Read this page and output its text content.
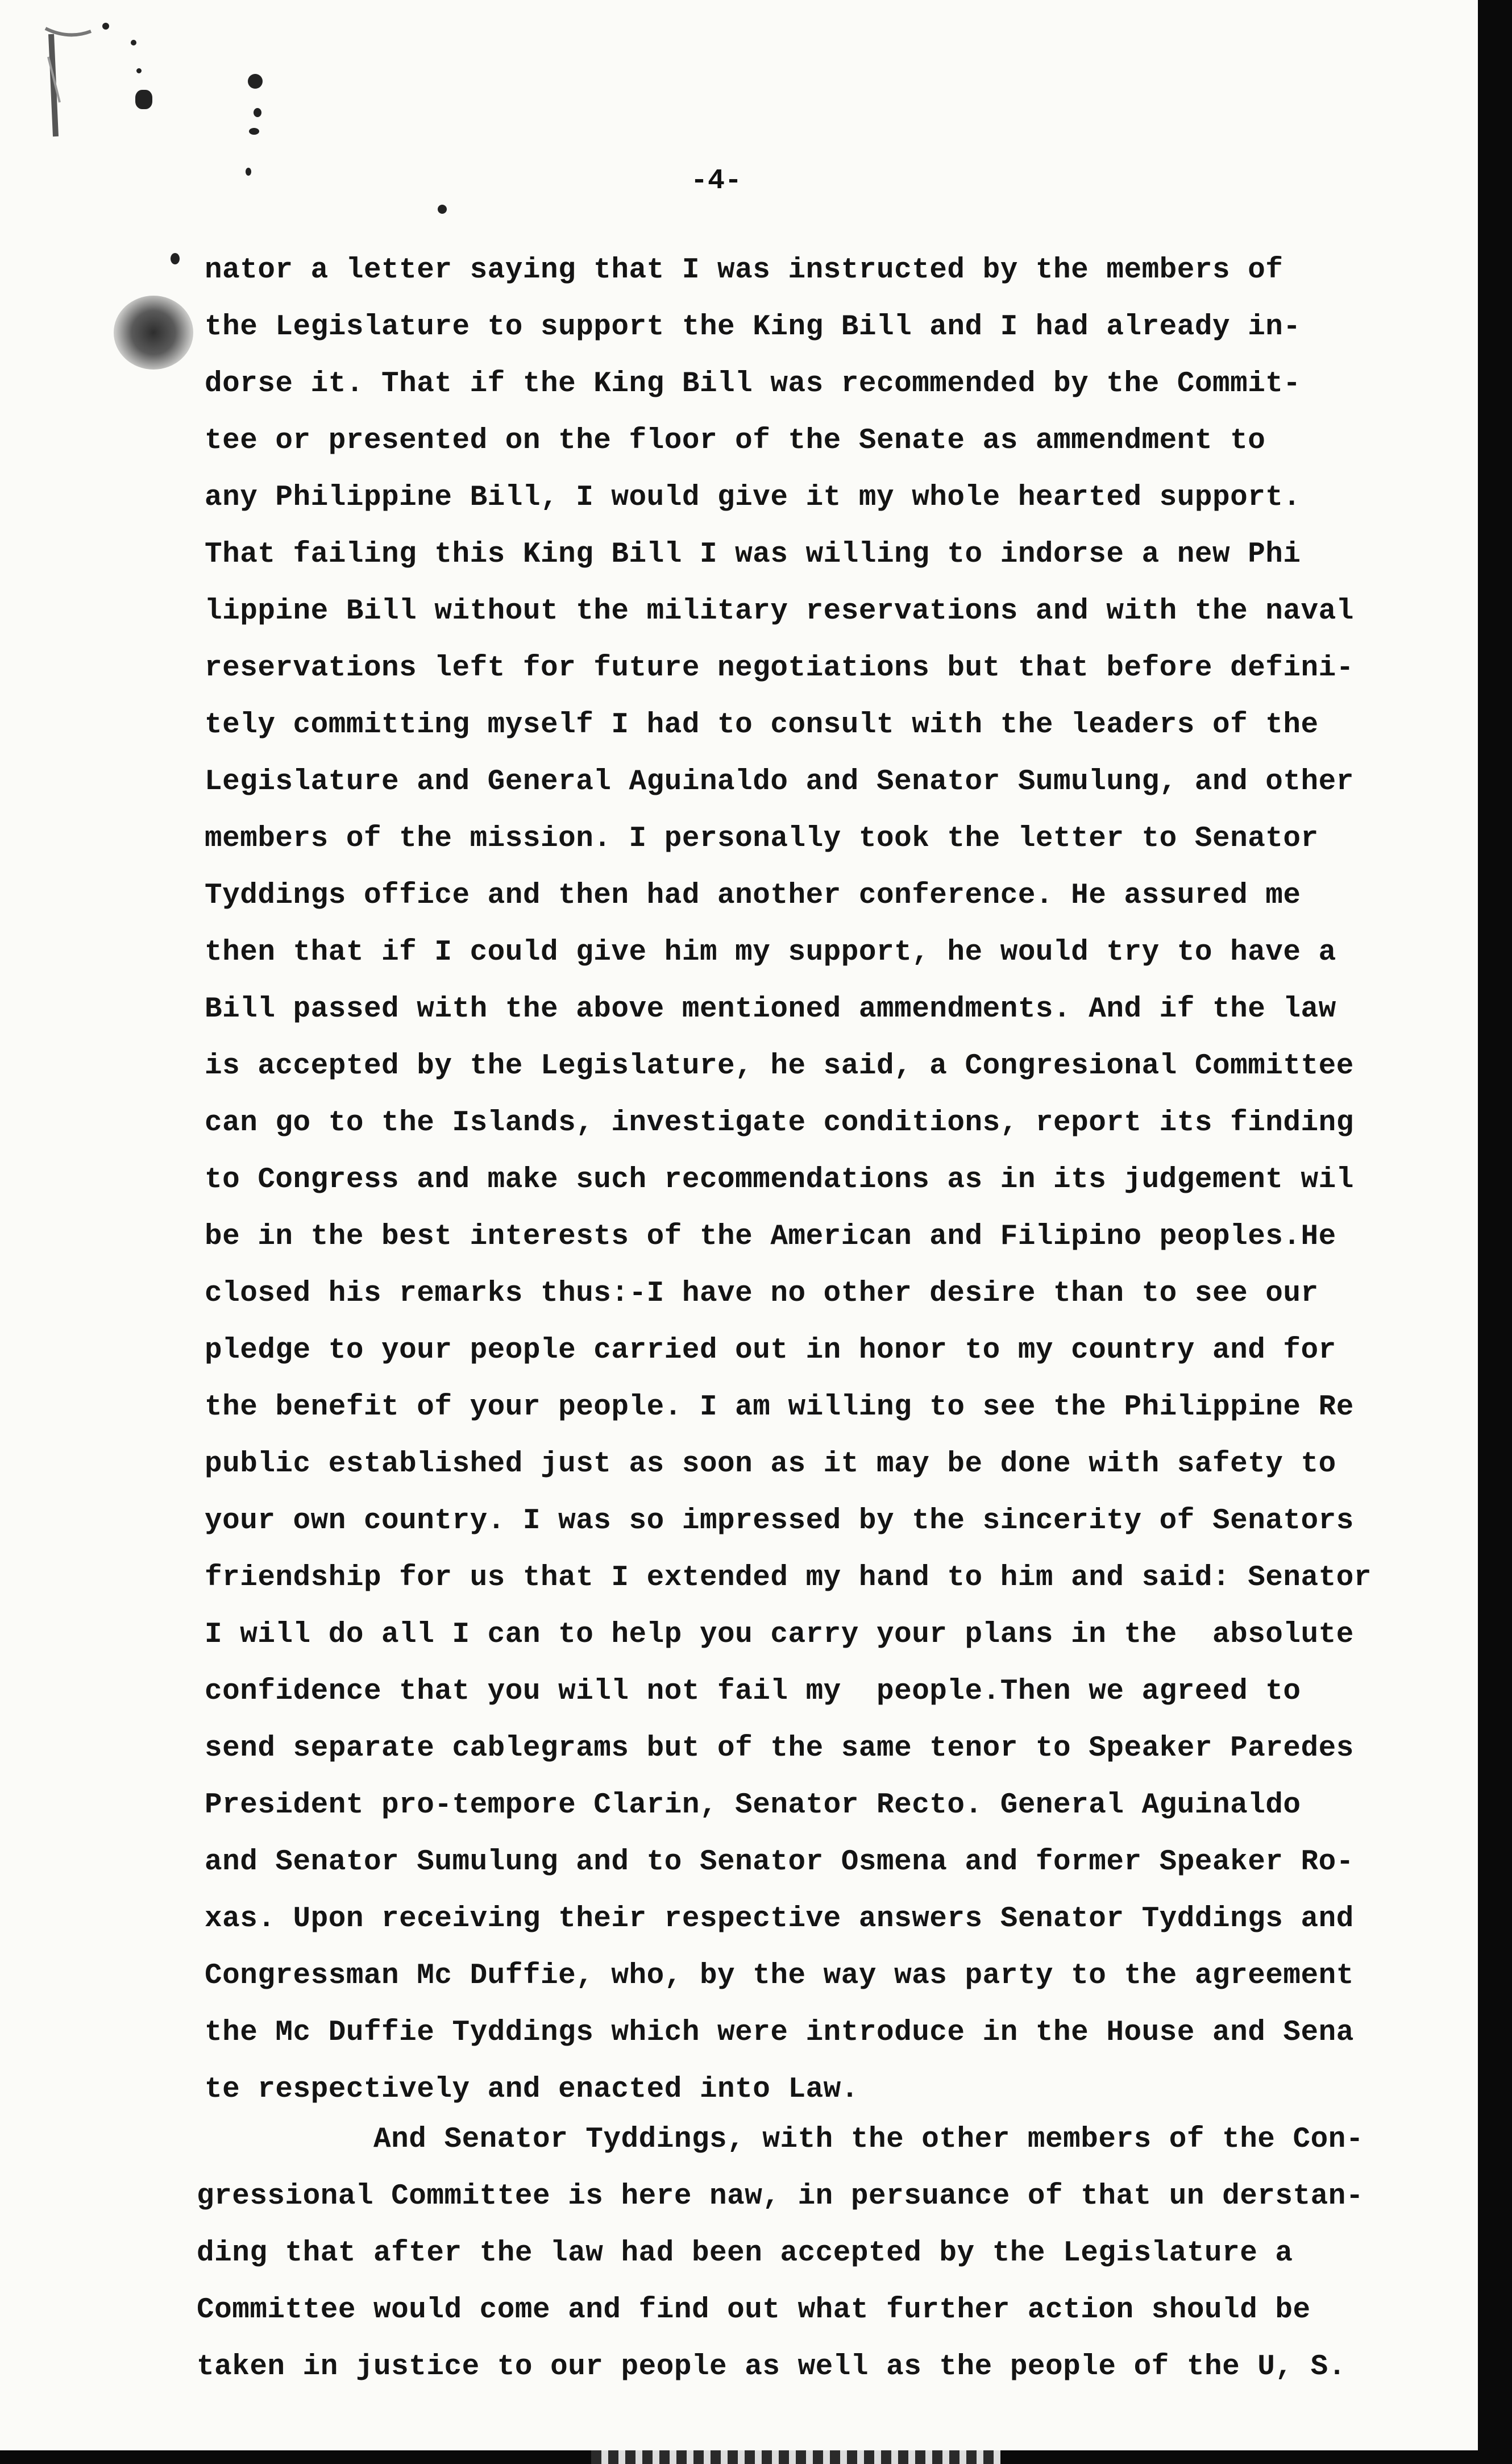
-4-
nator a letter saying that I was instructed by the members of
the Legislature to support the King Bill and I had already in-
dorse it. That if the King Bill was recommended by the Commit-
tee or presented on the floor of the Senate as ammendment to
any Philippine Bill, I would give it my whole hearted support.
That failing this King Bill I was willing to indorse a new Phi
lippine Bill without the military reservations and with the naval
reservations left for future negotiations but that before defini-
tely committing myself I had to consult with the leaders of the
Legislature and General Aguinaldo and Senator Sumulung, and other
members of the mission. I personally took the letter to Senator
Tyddings office and then had another conference. He assured me
then that if I could give him my support, he would try to have a
Bill passed with the above mentioned ammendments. And if the law
is accepted by the Legislature, he said, a Congresional Committee
can go to the Islands, investigate conditions, report its finding
to Congress and make such recommendations as in its judgement wil
be in the best interests of the American and Filipino peoples.He
closed his remarks thus:-I have no other desire than to see our
pledge to your people carried out in honor to my country and for
the benefit of your people. I am willing to see the Philippine Re
public established just as soon as it may be done with safety to
your own country. I was so impressed by the sincerity of Senators
friendship for us that I extended my hand to him and said: Senator
I will do all I can to help you carry your plans in the  absolute
confidence that you will not fail my  people.Then we agreed to
send separate cablegrams but of the same tenor to Speaker Paredes
President pro-tempore Clarin, Senator Recto. General Aguinaldo
and Senator Sumulung and to Senator Osmena and former Speaker Ro-
xas. Upon receiving their respective answers Senator Tyddings and
Congressman Mc Duffie, who, by the way was party to the agreement
the Mc Duffie Tyddings which were introduce in the House and Sena
te respectively and enacted into Law.
And Senator Tyddings, with the other members of the Con-
gressional Committee is here naw, in persuance of that un derstan-
ding that after the law had been accepted by the Legislature a
Committee would come and find out what further action should be
taken in justice to our people as well as the people of the U, S.
